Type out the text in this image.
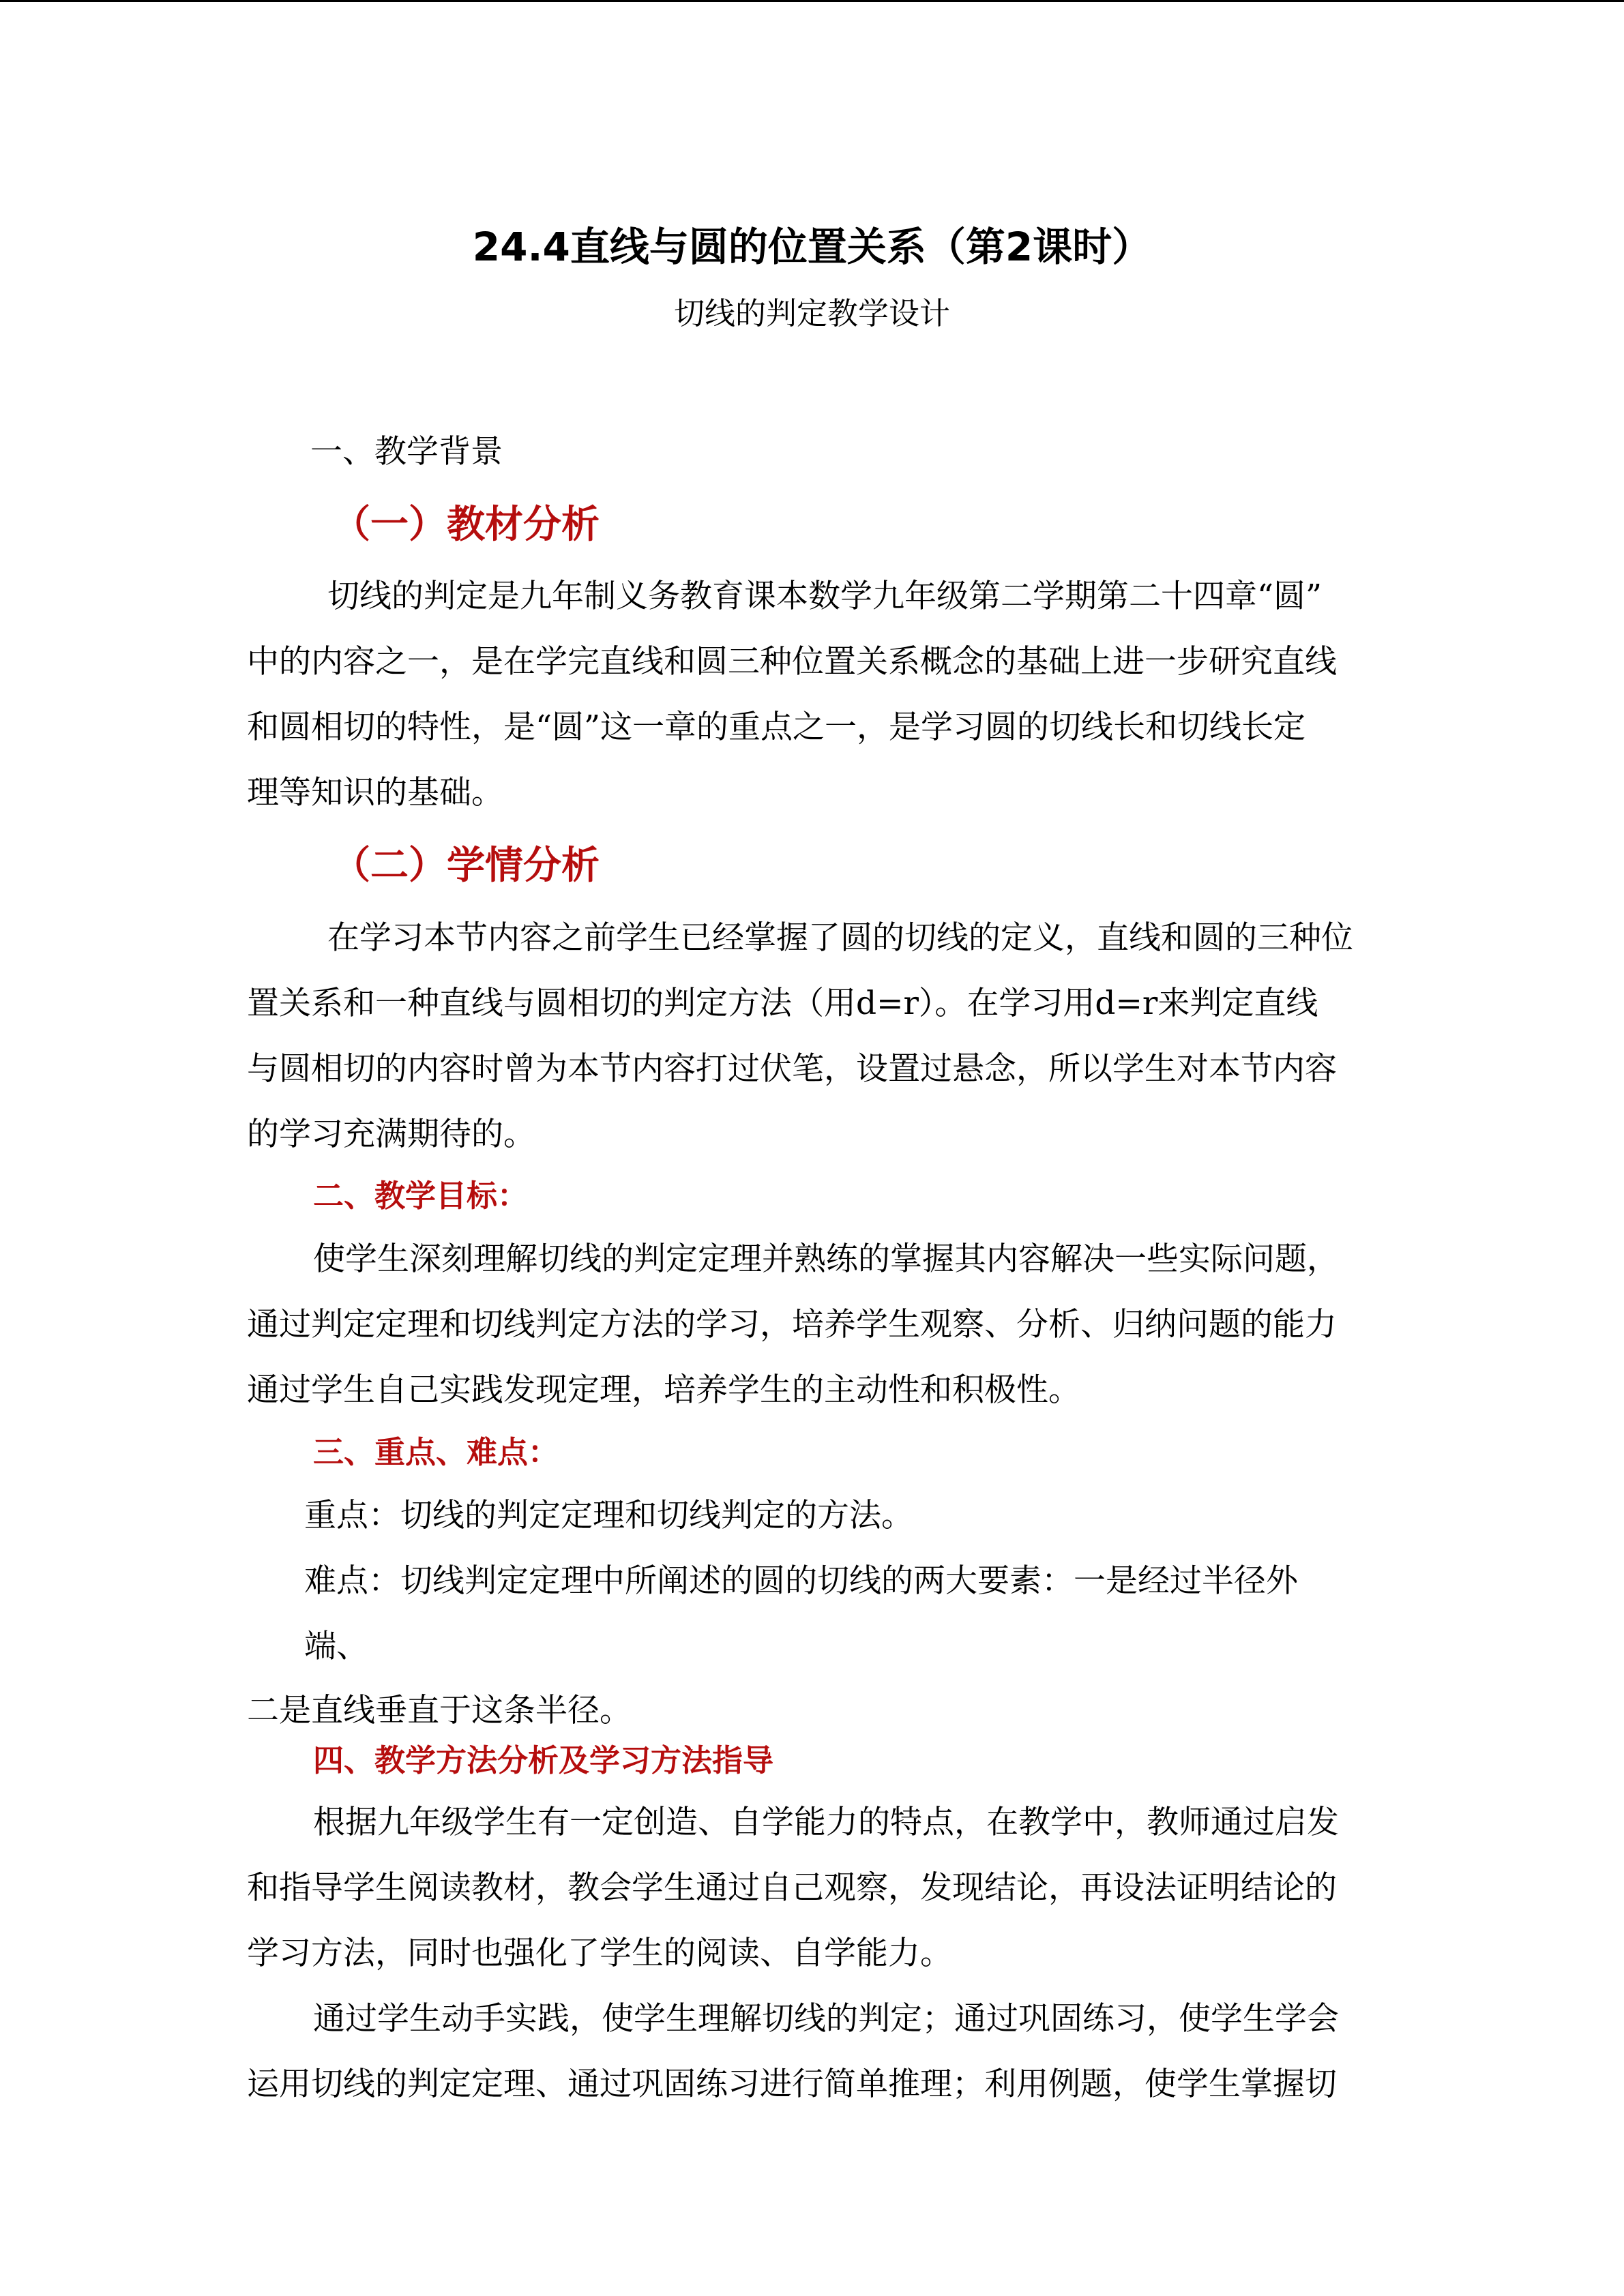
24.4直线与圆的位置关系（第2课时）
切线的判定教学设计
一、教学背景
（一）教材分析
切线的判定是九年制义务教育课本数学九年级第二学期第二十四章“圆”
中的内容之一，是在学完直线和圆三种位置关系概念的基础上进一步研究直线
和圆相切的特性，是“圆”这一章的重点之一，是学习圆的切线长和切线长定
理等知识的基础。
（二）学情分析
在学习本节内容之前学生已经掌握了圆的切线的定义，直线和圆的三种位
置关系和一种直线与圆相切的判定方法（用d=r）。在学习用d=r来判定直线
与圆相切的内容时曾为本节内容打过伏笔，设置过悬念，所以学生对本节内容
的学习充满期待的。
二、教学目标：
使学生深刻理解切线的判定定理并熟练的掌握其内容解决一些实际问题，
通过判定定理和切线判定方法的学习，培养学生观察、分析、归纳问题的能力
通过学生自己实践发现定理，培养学生的主动性和积极性。
三、重点、难点：
重点：切线的判定定理和切线判定的方法。
难点：切线判定定理中所阐述的圆的切线的两大要素：一是经过半径外
端、
二是直线垂直于这条半径。
四、教学方法分析及学习方法指导
根据九年级学生有一定创造、自学能力的特点，在教学中，教师通过启发
和指导学生阅读教材，教会学生通过自己观察，发现结论，再设法证明结论的
学习方法，同时也强化了学生的阅读、自学能力。
通过学生动手实践，使学生理解切线的判定；通过巩固练习，使学生学会
运用切线的判定定理、通过巩固练习进行简单推理；利用例题，使学生掌握切
